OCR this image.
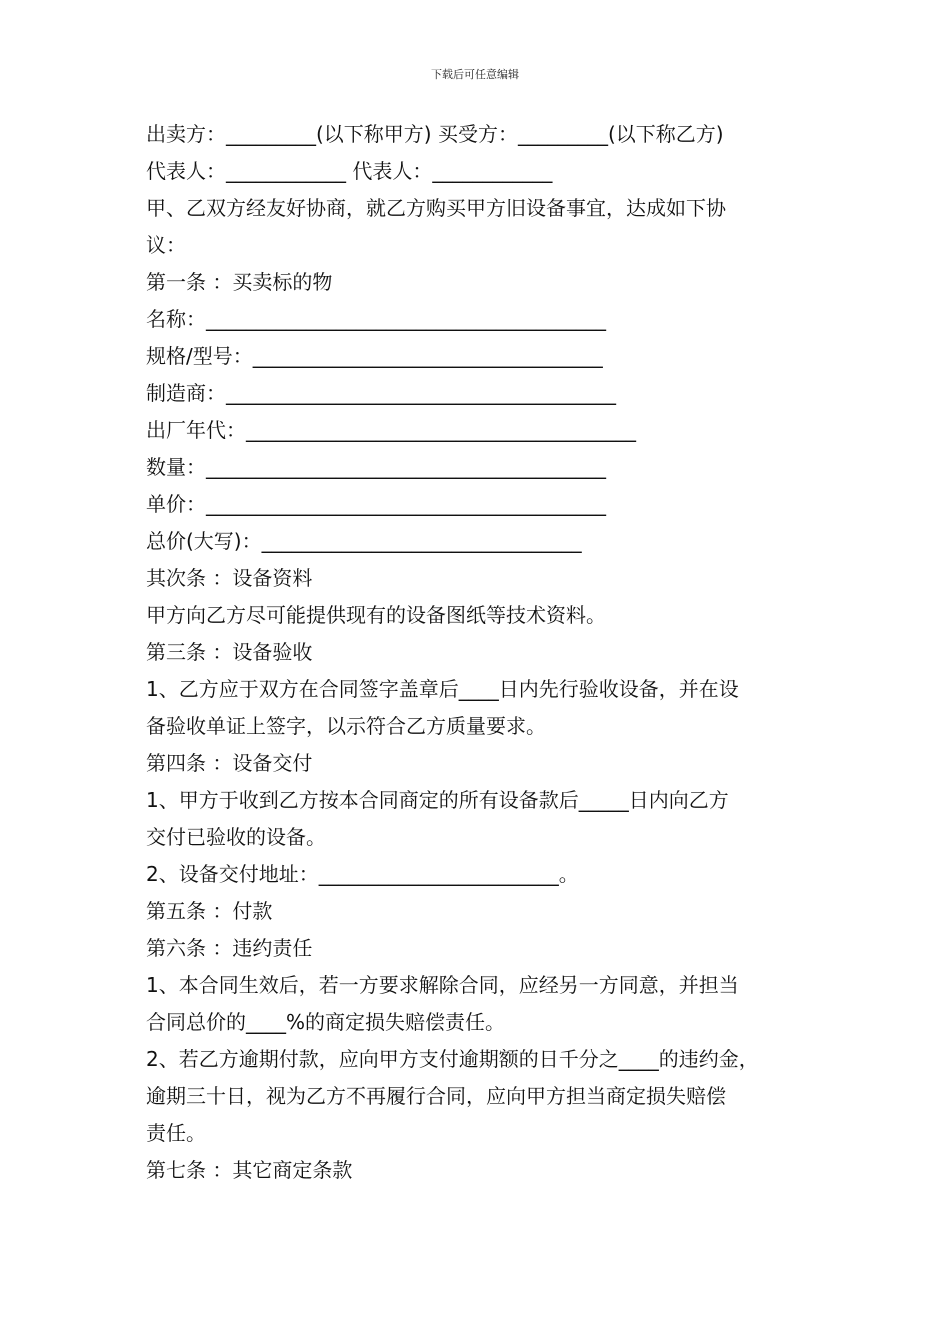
下载后可任意编辑
出卖方：_________(以下称甲方) 买受方：_________(以下称乙方)
代表人：____________ 代表人：____________
甲、乙双方经友好协商，就乙方购买甲方旧设备事宜，达成如下协
议：
第一条 ：买卖标的物
名称：________________________________________
规格/型号：___________________________________
制造商：_______________________________________
出厂年代：_______________________________________
数量：________________________________________
单价：________________________________________
总价(大写)：________________________________
其次条 ：设备资料
甲方向乙方尽可能提供现有的设备图纸等技术资料。
第三条 ：设备验收
1、乙方应于双方在合同签字盖章后____日内先行验收设备，并在设
备验收单证上签字，以示符合乙方质量要求。
第四条 ：设备交付
1、甲方于收到乙方按本合同商定的所有设备款后_____日内向乙方
交付已验收的设备。
2、设备交付地址：________________________。
第五条 ：付款
第六条 ：违约责任
1、本合同生效后，若一方要求解除合同，应经另一方同意，并担当
合同总价的____%的商定损失赔偿责任。
2、若乙方逾期付款，应向甲方支付逾期额的日千分之____的违约金，
逾期三十日，视为乙方不再履行合同，应向甲方担当商定损失赔偿
责任。
第七条 ：其它商定条款
